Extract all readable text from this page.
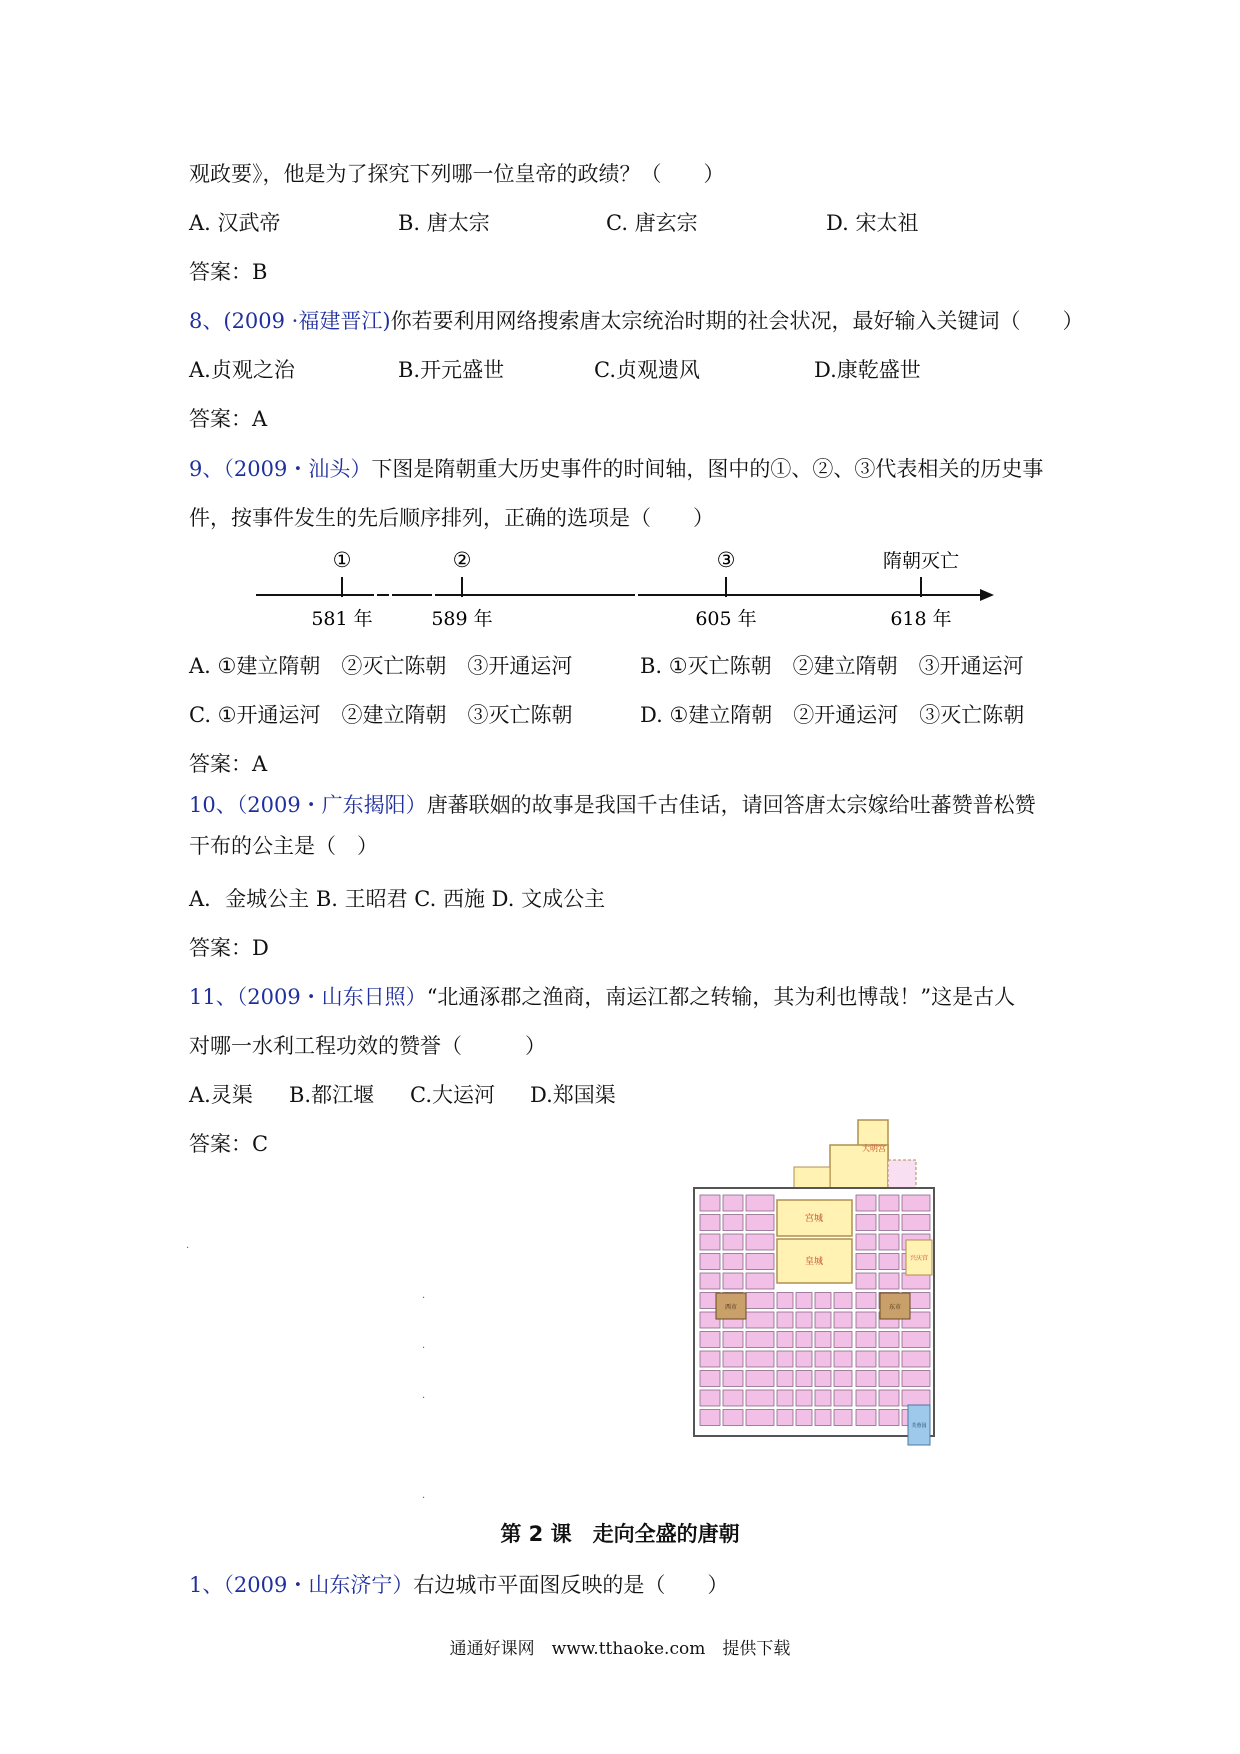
观政要》，他是为了探究下列哪一位皇帝的政绩？（　　）
A. 汉武帝	B. 唐太宗	C. 唐玄宗	D. 宋太祖
答案：B
8、(2009 ·福建晋江)你若要利用网络搜索唐太宗统治时期的社会状况，最好输入关键词（　　）
A.贞观之治	B.开元盛世	C.贞观遗风	D.康乾盛世
答案：A
9、（2009・汕头）下图是隋朝重大历史事件的时间轴，图中的①、②、③代表相关的历史事
件，按事件发生的先后顺序排列，正确的选项是（　　）
①	②	③	隋朝灭亡
581 年	589 年	605 年	618 年
A. ①建立隋朝　②灭亡陈朝　③开通运河	B. ①灭亡陈朝　②建立隋朝　③开通运河
C. ①开通运河　②建立隋朝　③灭亡陈朝	D. ①建立隋朝　②开通运河　③灭亡陈朝
答案：A
10、（2009・广东揭阳）唐蕃联姻的故事是我国千古佳话，请回答唐太宗嫁给吐蕃赞普松赞
干布的公主是（　）
A．金城公主 B. 王昭君 C. 西施 D. 文成公主
答案：D
11、（2009・山东日照）“北通涿郡之渔商，南运江都之转输，其为利也博哉！”这是古人
对哪一水利工程功效的赞誉（　　　）
A.灵渠 B.都江堰 C.大运河 D.郑国渠
答案：C
.
.
.
.
.
大明宫
宫城
皇城	兴庆宫
西市	东市
芙蓉园
第 2 课　走向全盛的唐朝
1、（2009・山东济宁）右边城市平面图反映的是（　　）
通通好课网　www.tthaoke.com　提供下载
